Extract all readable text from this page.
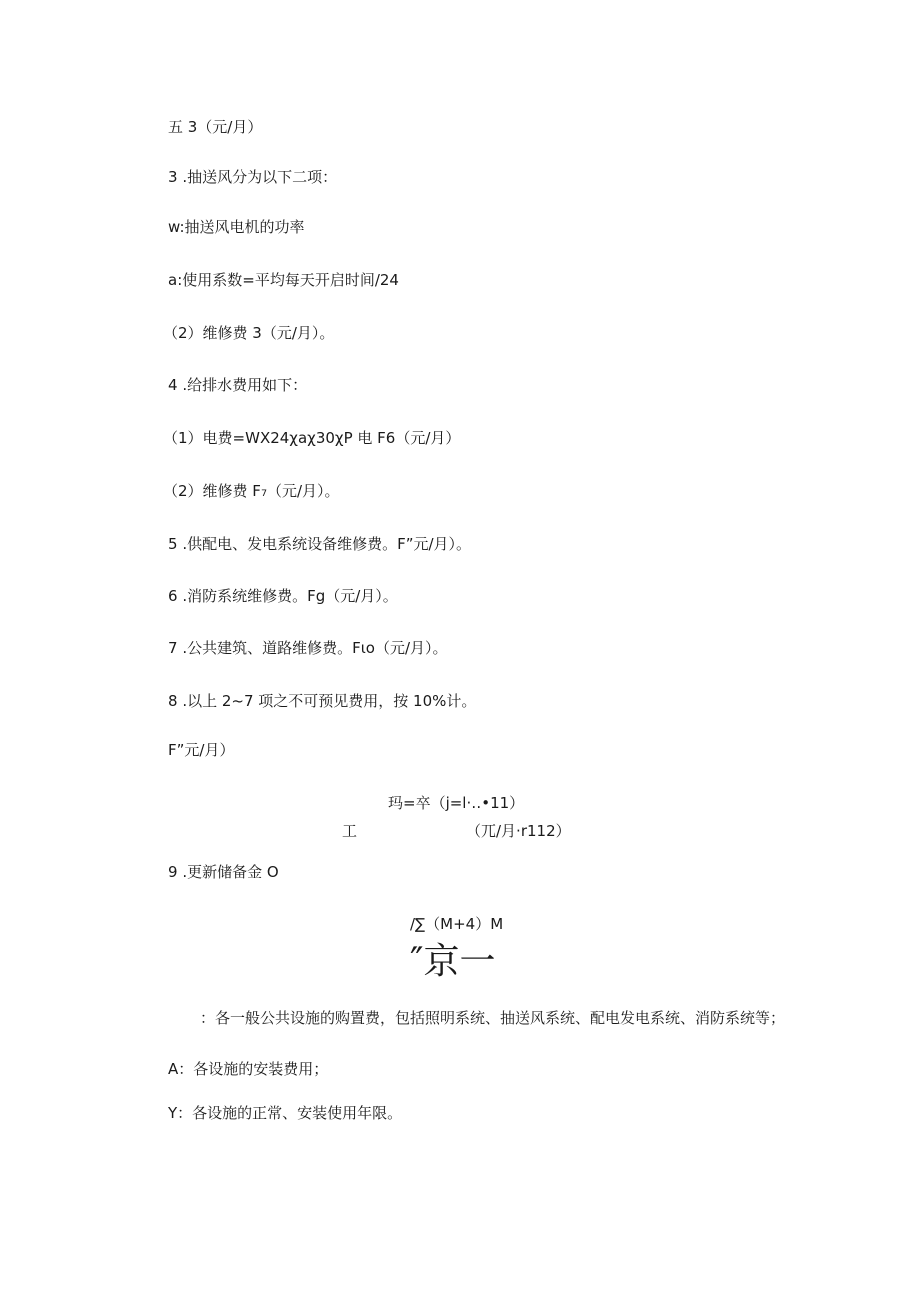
五 3（元/月）
3	.抽送风分为以下二项：
w:抽送风电机的功率
a:使用系数=平均每天开启时间/24
（2）维修费 3（元/月）。
4	.给排水费用如下：
（1）电费=WX24χaχ30χP 电 F6（元/月）
（2）维修费 F₇（元/月）。
5	.供配电、发电系统设备维修费。F”元/月）。
6	.消防系统维修费。Fg（元/月）。
7	.公共建筑、道路维修费。Fιo（元/月）。
8	.以上 2~7 项之不可预见费用，按 10%计。
F”元/月）
玛=卒（j=l·‥•11）
工	（兀/月·r112）
9	.更新储备金 O
/∑（M+4）M
″京一
：各一般公共设施的购置费，包括照明系统、抽送风系统、配电发电系统、消防系统等；
A：各设施的安装费用；
Y：各设施的正常、安装使用年限。
